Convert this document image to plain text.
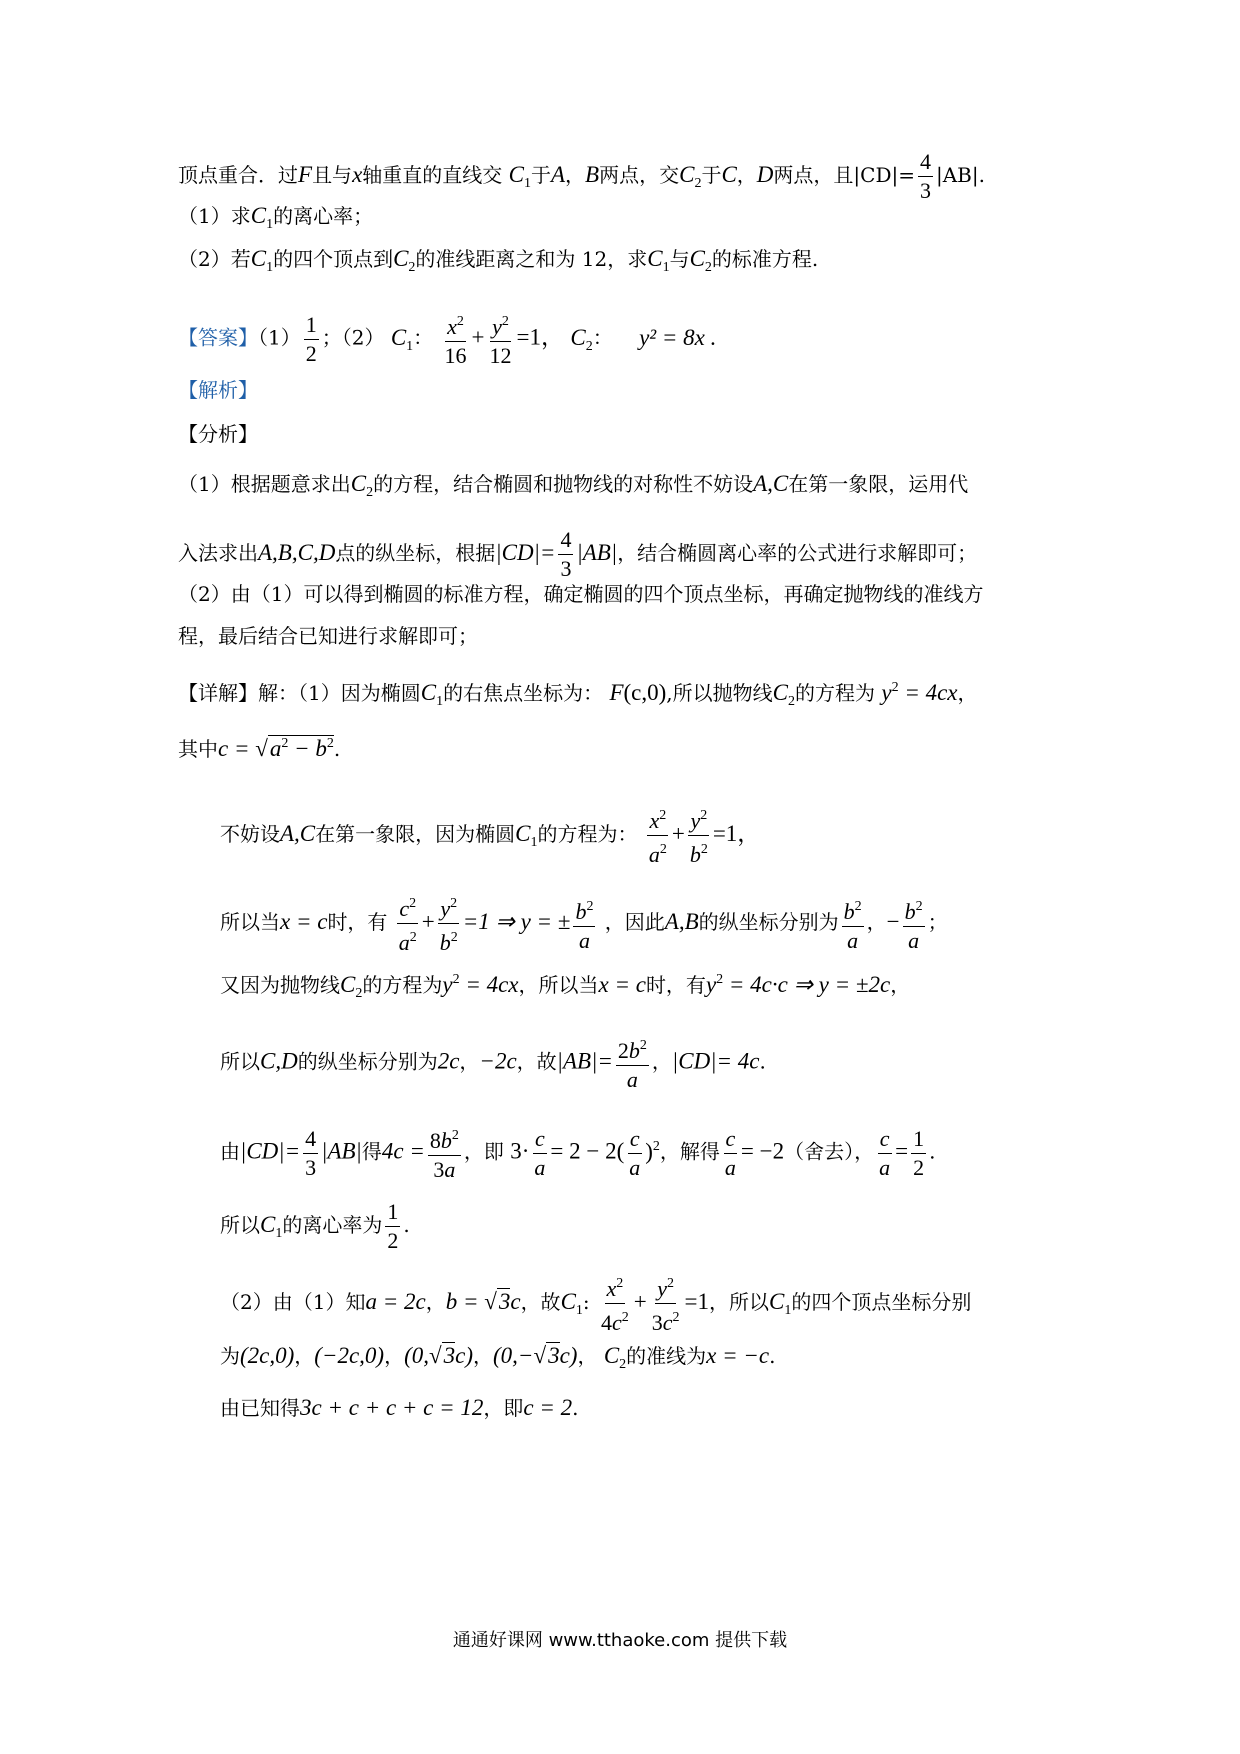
顶点重合．过F且与x轴重直的直线交 $C_1$于A，B两点，交$C_2$于C，D两点，且$|CD|= \frac{4}{3} |AB|$.
（1）求$C_1$的离心率；
（2）若$C_1$的四个顶点到$C_2$的准线距离之和为 12，求$C_1$与$C_2$的标准方程.
【答案】$(1) \frac{1}{2}$ ；（2） $C_1$： $\frac{x^2}{16} + \frac{y^2}{12} =1$， $C_2$： y² = 8x .
【解析】
【分析】
（1）根据题意求出$C_2$的方程，结合椭圆和抛物线的对称性不妨设A,C在第一象限，运用代
入法求出A,B,C,D点的纵坐标，根据$|CD|= \frac{4}{3} |AB|$，结合椭圆离心率的公式进行求解即可；
（2）由（1）可以得到椭圆的标准方程，确定椭圆的四个顶点坐标，再确定抛物线的准线方
程，最后结合已知进行求解即可；
【详解】解：（1）因为椭圆$C_1$的右焦点坐标为： F(c,0),所以抛物线$C_2$的方程为 $y^2 = 4cx$，
其中$c = √a^2 - b^2$.
不妨设A,C在第一象限，因为椭圆$C_1$的方程为： $\frac{x^2}{a^2} + \frac{y^2}{b^2} =1$，
所以当x = c时，有 $\frac{c^2}{a^2} + \frac{y^2}{b^2} =1$ ⇒ y = ± $\frac{b^2}{a}$ ，因此A,B的纵坐标分别为 $\frac{b^2}{a}$ ，− $\frac{b^2}{a}$ ；
又因为抛物线$C_2$的方程为$y^2 = 4cx$，所以当x = c时，有$y^2 = 4c\cdot c$ ⇒ y = ±2c，
所以C,D的纵坐标分别为2c，−2c，故$|AB|= \frac{2b^2}{a}$ ，|CD|= 4c.
由$|CD|= \frac{4}{3} |AB|$得$4c = \frac{8b^2}{3a}$ ，即 $3\cdot \frac{c}{a} = 2 - 2( \frac{c}{a} )^2$，解得 $\frac{c}{a} = -2$（舍去）， $\frac{c}{a} = \frac{1}{2}$ .
所以$C_1$的离心率为 $\frac{1}{2}$ .
（2）由（1）知a = 2c，b = √3c，故$C_1$: $\frac{x^2}{4c^2} + \frac{y^2}{3c^2} =1$，所以$C_1$的四个顶点坐标分别
为(2c,0)，(−2c,0)，(0,√3c)，(0,−√3c)， $C_2$的准线为x = −c.
由已知得3c + c + c + c = 12，即c = 2.
通通好课网 www.tthaoke.com 提供下载
